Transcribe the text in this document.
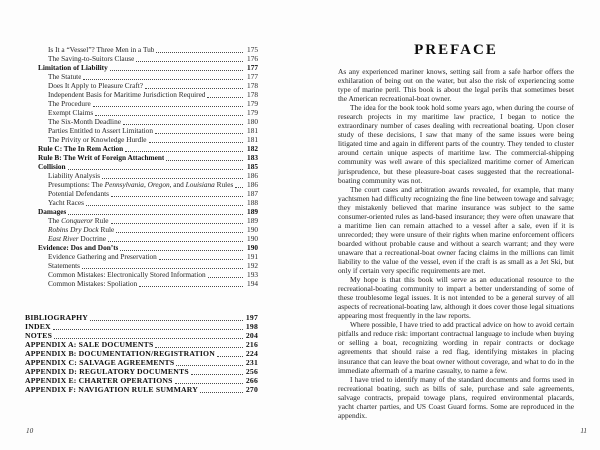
Is It a “Vessel”? Three Men in a Tub	175
The Saving-to-Suitors Clause	176
Limitation of Liability	177
The Statute	177
Does It Apply to Pleasure Craft?	178
Independent Basis for Maritime Jurisdiction Required	178
The Procedure	179
Exempt Claims	179
The Six-Month Deadline	180
Parties Entitled to Assert Limitation	181
The Privity or Knowledge Hurdle	181
Rule C: The In Rem Action	182
Rule B: The Writ of Foreign Attachment	183
Collision	185
Liability Analysis	186
Presumptions: The Pennsylvania, Oregon, and Louisiana Rules 186
Potential Defendants	187
Yacht Races	188
Damages	189
The Conqueror Rule	189
Robins Dry Dock Rule	190
East River Doctrine	190
Evidence: Dos and Don’ts	190
Evidence Gathering and Preservation	191
Statements	192
Common Mistakes: Electronically Stored Information	193
Common Mistakes: Spoliation	194
BIBLIOGRAPHY	197
INDEX	198
NOTES	204
APPENDIX A: SALE DOCUMENTS	216
APPENDIX B: DOCUMENTATION/REGISTRATION	224
APPENDIX C: SALVAGE AGREEMENTS	231
APPENDIX D: REGULATORY DOCUMENTS	256
APPENDIX E: CHARTER OPERATIONS	266
APPENDIX F: NAVIGATION RULE SUMMARY	270
10
PREFACE

As any experienced mariner knows, setting sail from a safe harbor offers the exhilaration of being out on the water, but also the risk of experiencing some type of marine peril. This book is about the legal perils that sometimes beset the American recreational-boat owner.

The idea for the book took hold some years ago, when during the course of research projects in my maritime law practice, I began to notice the extraordinary number of cases dealing with recreational boating. Upon closer study of these decisions, I saw that many of the same issues were being litigated time and again in different parts of the country. They tended to cluster around certain unique aspects of maritime law. The commercial-shipping community was well aware of this specialized maritime corner of American jurisprudence, but these pleasure-boat cases suggested that the recreational-boating community was not.

The court cases and arbitration awards revealed, for example, that many yachtsmen had difficulty recognizing the fine line between towage and salvage; they mistakenly believed that marine insurance was subject to the same consumer-oriented rules as land-based insurance; they were often unaware that a maritime lien can remain attached to a vessel after a sale, even if it is unrecorded; they were unsure of their rights when marine enforcement officers boarded without probable cause and without a search warrant; and they were unaware that a recreational-boat owner facing claims in the millions can limit liability to the value of the vessel, even if the craft is as small as a Jet Ski, but only if certain very specific requirements are met.

My hope is that this book will serve as an educational resource to the recreational-boating community to impart a better understanding of some of these troublesome legal issues. It is not intended to be a general survey of all aspects of recreational-boating law, although it does cover those legal situations appearing most frequently in the law reports.

Where possible, I have tried to add practical advice on how to avoid certain pitfalls and reduce risk: important contractual language to include when buying or selling a boat, recognizing wording in repair contracts or dockage agreements that should raise a red flag, identifying mistakes in placing insurance that can leave the boat owner without coverage, and what to do in the immediate aftermath of a marine casualty, to name a few.

I have tried to identify many of the standard documents and forms used in recreational boating, such as bills of sale, purchase and sale agreements, salvage contracts, prepaid towage plans, required environmental placards, yacht charter parties, and US Coast Guard forms. Some are reproduced in the appendix.

11
